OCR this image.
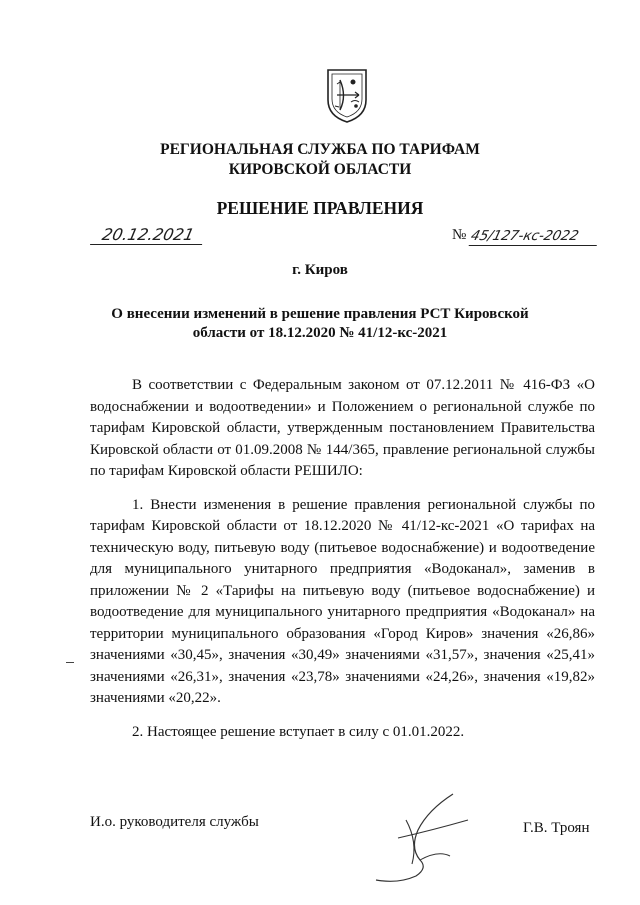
РЕГИОНАЛЬНАЯ СЛУЖБА ПО ТАРИФАМ
КИРОВСКОЙ ОБЛАСТИ
РЕШЕНИЕ ПРАВЛЕНИЯ
20.12.2021	№ 45/127-кс-2022
г. Киров
О внесении изменений в решение правления РСТ Кировской
области от 18.12.2020 № 41/12-кс-2021

В соответствии с Федеральным законом от 07.12.2011 № 416-ФЗ «О водоснабжении и водоотведении» и Положением о региональной службе по тарифам Кировской области, утвержденным постановлением Правительства Кировской области от 01.09.2008 № 144/365, правление региональной службы по тарифам Кировской области РЕШИЛО:

1. Внести изменения в решение правления региональной службы по тарифам Кировской области от 18.12.2020 № 41/12-кс-2021 «О тарифах на техническую воду, питьевую воду (питьевое водоснабжение) и водоотведение для муниципального унитарного предприятия «Водоканал», заменив в приложении № 2 «Тарифы на питьевую воду (питьевое водоснабжение) и водоотведение для муниципального унитарного предприятия «Водоканал» на территории муниципального образования «Город Киров» значения «26,86» значениями «30,45», значения «30,49» значениями «31,57», значения «25,41» значениями «26,31», значения «23,78» значениями «24,26», значения «19,82» значениями «20,22».

2. Настоящее решение вступает в силу с 01.01.2022.

И.о. руководителя службы	Г.В. Троян
